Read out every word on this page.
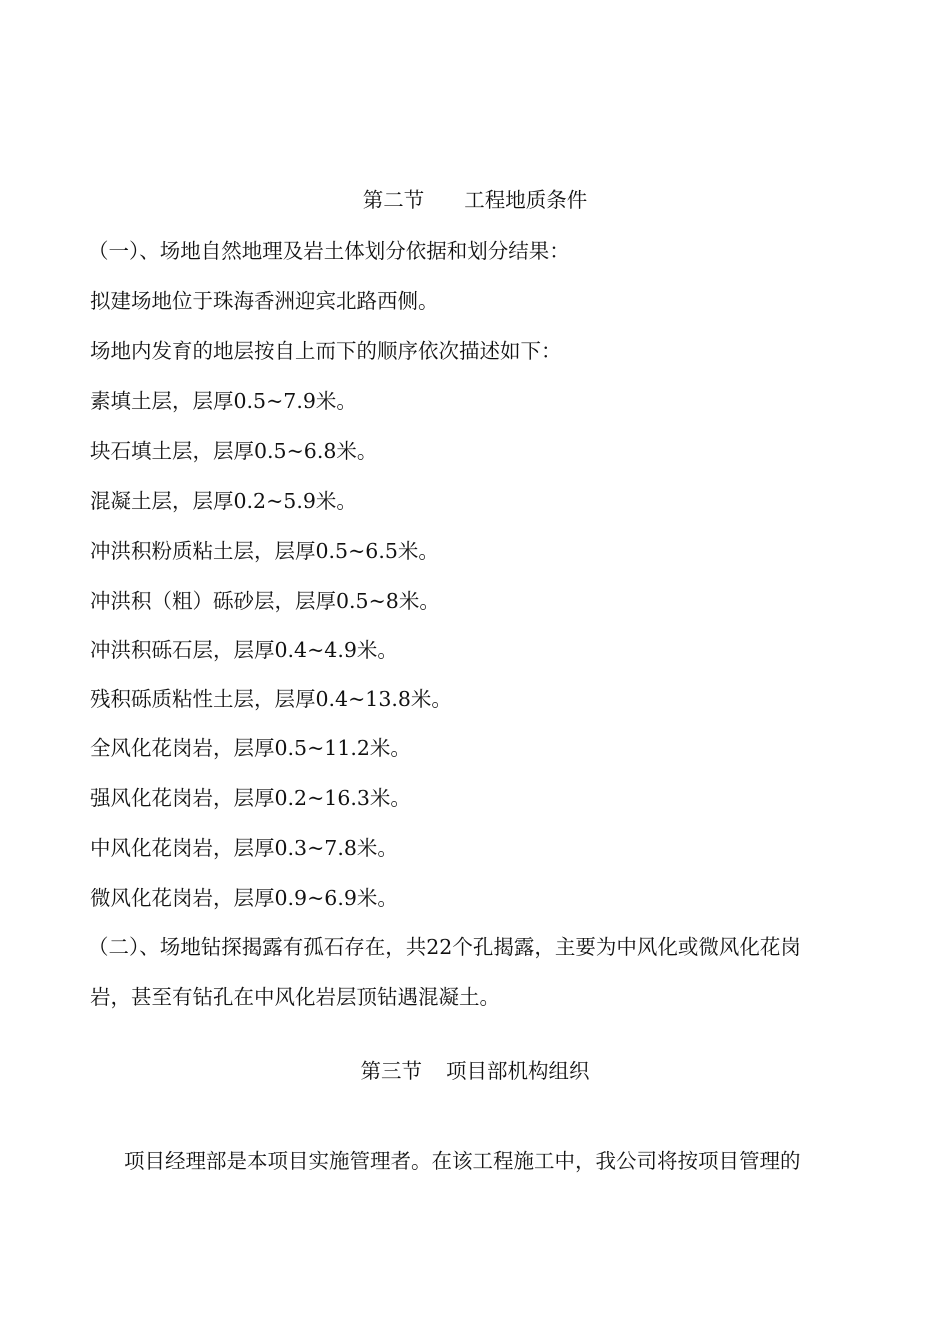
第二节 工程地质条件
（一）、场地自然地理及岩土体划分依据和划分结果：
拟建场地位于珠海香洲迎宾北路西侧。
场地内发育的地层按自上而下的顺序依次描述如下：
素填土层，层厚0.5~7.9米。
块石填土层，层厚0.5~6.8米。
混凝土层，层厚0.2~5.9米。
冲洪积粉质粘土层，层厚0.5~6.5米。
冲洪积（粗）砾砂层，层厚0.5~8米。
冲洪积砾石层，层厚0.4~4.9米。
残积砾质粘性土层，层厚0.4~13.8米。
全风化花岗岩，层厚0.5~11.2米。
强风化花岗岩，层厚0.2~16.3米。
中风化花岗岩，层厚0.3~7.8米。
微风化花岗岩，层厚0.9~6.9米。
（二）、场地钻探揭露有孤石存在，共22个孔揭露，主要为中风化或微风化花岗
岩，甚至有钻孔在中风化岩层顶钻遇混凝土。
第三节 项目部机构组织
项目经理部是本项目实施管理者。在该工程施工中，我公司将按项目管理的
